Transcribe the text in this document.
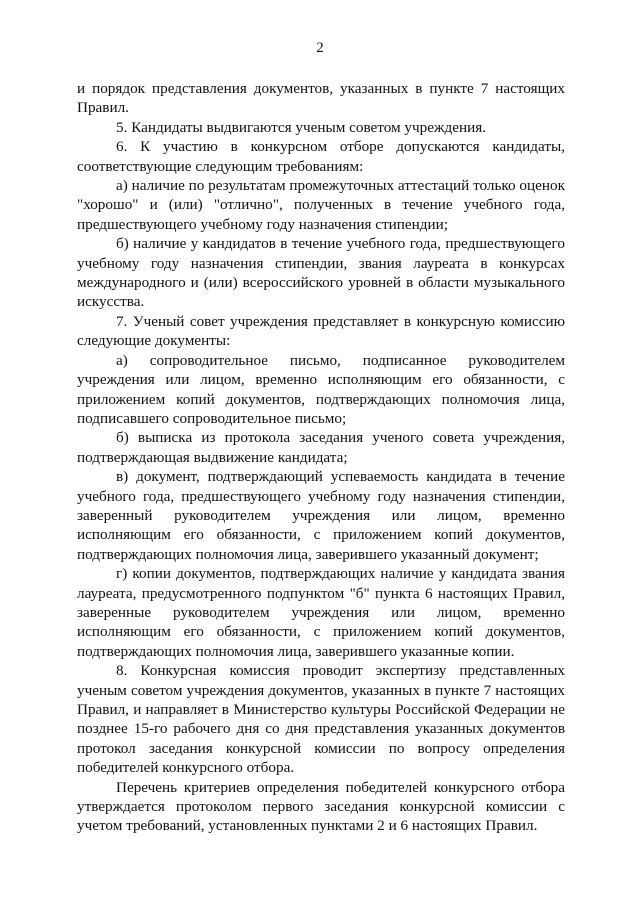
2

и порядок представления документов, указанных в пункте 7 настоящих Правил.

5. Кандидаты выдвигаются ученым советом учреждения.

6. К участию в конкурсном отборе допускаются кандидаты, соответствующие следующим требованиям:

а) наличие по результатам промежуточных аттестаций только оценок "хорошо" и (или) "отлично", полученных в течение учебного года, предшествующего учебному году назначения стипендии;

б) наличие у кандидатов в течение учебного года, предшествующего учебному году назначения стипендии, звания лауреата в конкурсах международного и (или) всероссийского уровней в области музыкального искусства.

7. Ученый совет учреждения представляет в конкурсную комиссию следующие документы:

а) сопроводительное письмо, подписанное руководителем учреждения или лицом, временно исполняющим его обязанности, с приложением копий документов, подтверждающих полномочия лица, подписавшего сопроводительное письмо;

б) выписка из протокола заседания ученого совета учреждения, подтверждающая выдвижение кандидата;

в) документ, подтверждающий успеваемость кандидата в течение учебного года, предшествующего учебному году назначения стипендии, заверенный руководителем учреждения или лицом, временно исполняющим его обязанности, с приложением копий документов, подтверждающих полномочия лица, заверившего указанный документ;

г) копии документов, подтверждающих наличие у кандидата звания лауреата, предусмотренного подпунктом "б" пункта 6 настоящих Правил, заверенные руководителем учреждения или лицом, временно исполняющим его обязанности, с приложением копий документов, подтверждающих полномочия лица, заверившего указанные копии.

8. Конкурсная комиссия проводит экспертизу представленных ученым советом учреждения документов, указанных в пункте 7 настоящих Правил, и направляет в Министерство культуры Российской Федерации не позднее 15-го рабочего дня со дня представления указанных документов протокол заседания конкурсной комиссии по вопросу определения победителей конкурсного отбора.

Перечень критериев определения победителей конкурсного отбора утверждается протоколом первого заседания конкурсной комиссии с учетом требований, установленных пунктами 2 и 6 настоящих Правил.
